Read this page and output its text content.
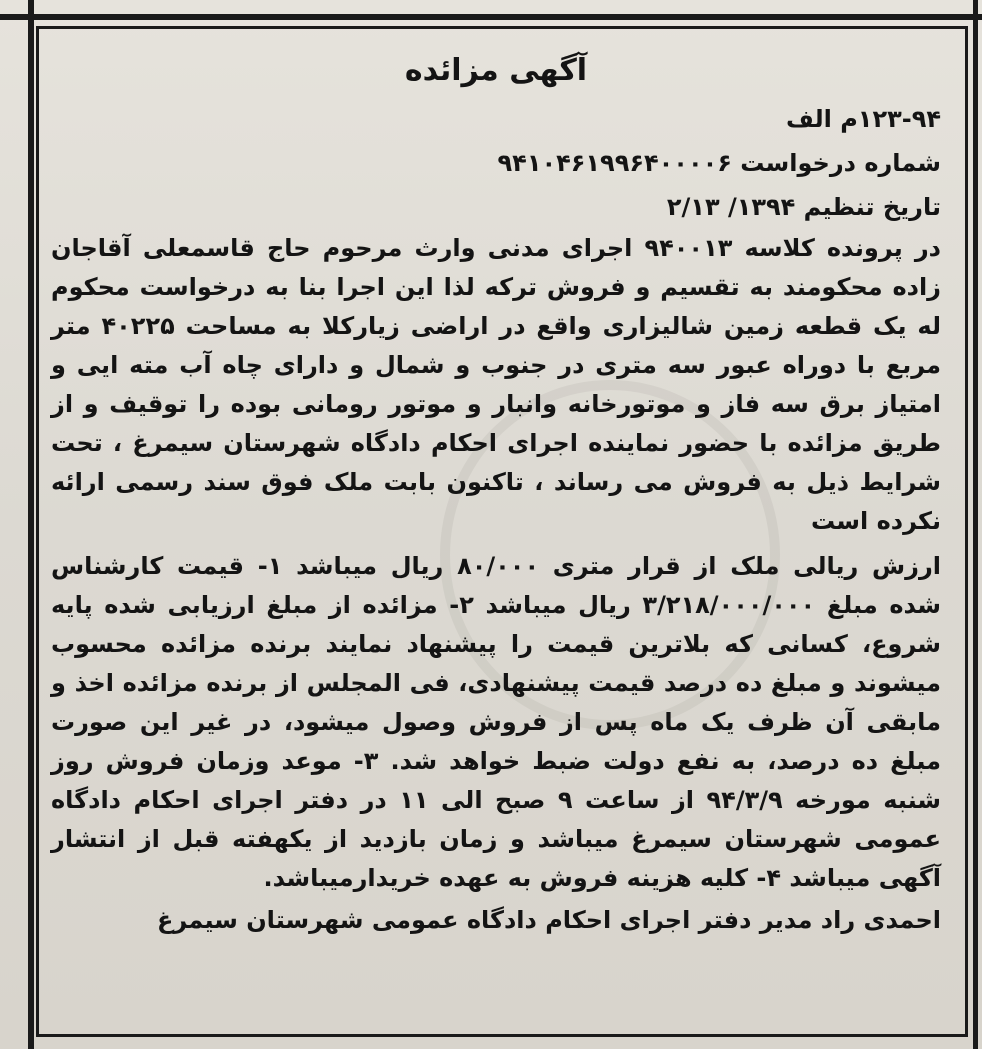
آگهی مزائده

۱۲۳-۹۴م الف

شماره درخواست ۹۴۱۰۴۶۱۹۹۶۴۰۰۰۰۶

تاریخ تنظیم ۱۳۹۴/ ۲/۱۳

در پرونده کلاسه ۹۴۰۰۱۳ اجرای مدنی وارث مرحوم حاج قاسمعلی آقاجان زاده محکومند به تقسیم و فروش ترکه لذا این اجرا بنا به درخواست محکوم له یک قطعه زمین شالیزاری واقع در اراضی زیارکلا به مساحت ۴۰۲۲۵ متر مربع با دوراه عبور سه متری در جنوب و شمال و دارای چاه آب مته ایی و امتیاز برق سه فاز و موتورخانه وانبار و موتور رومانی بوده را توقیف و از طریق مزائده با حضور نماینده اجرای احکام دادگاه شهرستان سیمرغ ، تحت شرایط ذیل به فروش می رساند ، تاکنون بابت ملک فوق سند رسمی ارائه نکرده است

ارزش ریالی ملک از قرار متری ۸۰/۰۰۰ ریال میباشد ۱- قیمت کارشناس شده مبلغ ۳/۲۱۸/۰۰۰/۰۰۰ ریال میباشد ۲- مزائده از مبلغ ارزیابی شده پایه شروع، کسانی که بلاترین قیمت را پیشنهاد نمایند برنده مزائده محسوب میشوند و مبلغ ده درصد قیمت پیشنهادی، فی المجلس از برنده مزائده اخذ و مابقی آن ظرف یک ماه پس از فروش وصول میشود، در غیر این صورت مبلغ ده درصد، به نفع دولت ضبط خواهد شد. ۳- موعد وزمان فروش روز شنبه مورخه ۹۴/۳/۹ از ساعت ۹ صبح الی ۱۱ در دفتر اجرای احکام دادگاه عمومی شهرستان سیمرغ میباشد و زمان بازدید از یکهفته قبل از انتشار آگهی میباشد ۴- کلیه هزینه فروش به عهده خریدارمیباشد.

احمدی راد مدیر دفتر اجرای احکام دادگاه عمومی شهرستان سیمرغ
